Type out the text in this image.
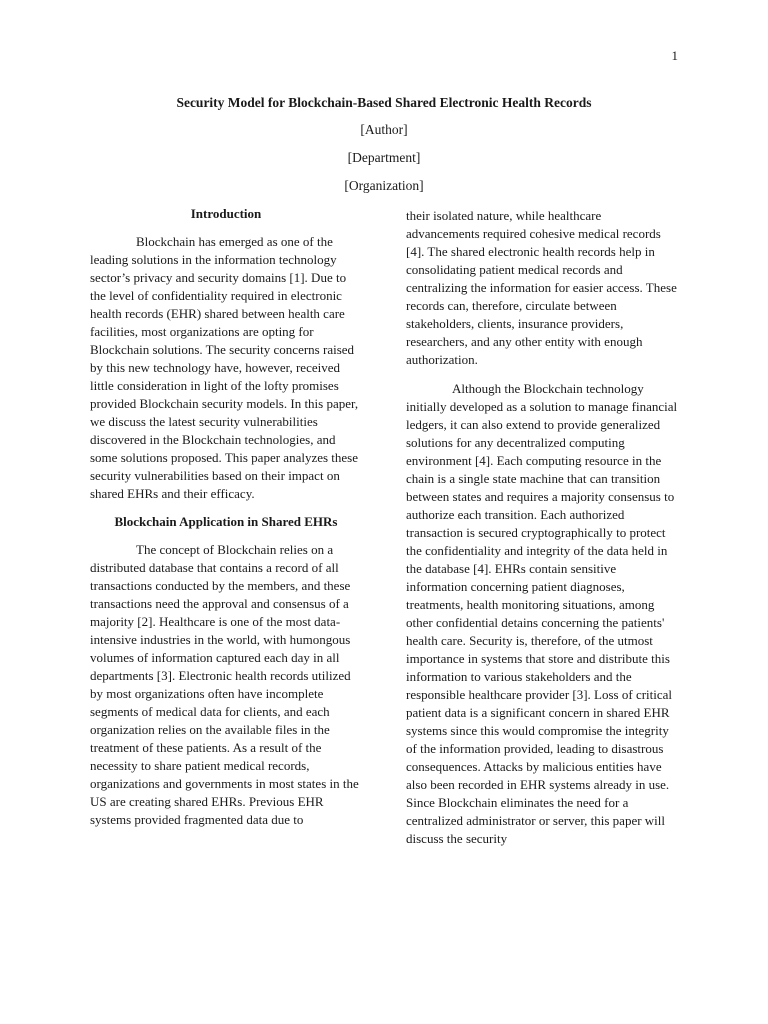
1
Security Model for Blockchain-Based Shared Electronic Health Records
[Author]
[Department]
[Organization]
Introduction

Blockchain has emerged as one of the leading solutions in the information technology sector’s privacy and security domains [1]. Due to the level of confidentiality required in electronic health records (EHR) shared between health care facilities, most organizations are opting for Blockchain solutions. The security concerns raised by this new technology have, however, received little consideration in light of the lofty promises provided Blockchain security models. In this paper, we discuss the latest security vulnerabilities discovered in the Blockchain technologies, and some solutions proposed. This paper analyzes these security vulnerabilities based on their impact on shared EHRs and their efficacy.

Blockchain Application in Shared EHRs

The concept of Blockchain relies on a distributed database that contains a record of all transactions conducted by the members, and these transactions need the approval and consensus of a majority [2]. Healthcare is one of the most data-intensive industries in the world, with humongous volumes of information captured each day in all departments [3]. Electronic health records utilized by most organizations often have incomplete segments of medical data for clients, and each organization relies on the available files in the treatment of these patients. As a result of the necessity to share patient medical records, organizations and governments in most states in the US are creating shared EHRs. Previous EHR systems provided fragmented data due to

their isolated nature, while healthcare advancements required cohesive medical records [4]. The shared electronic health records help in consolidating patient medical records and centralizing the information for easier access. These records can, therefore, circulate between stakeholders, clients, insurance providers, researchers, and any other entity with enough authorization.

Although the Blockchain technology initially developed as a solution to manage financial ledgers, it can also extend to provide generalized solutions for any decentralized computing environment [4]. Each computing resource in the chain is a single state machine that can transition between states and requires a majority consensus to authorize each transition. Each authorized transaction is secured cryptographically to protect the confidentiality and integrity of the data held in the database [4]. EHRs contain sensitive information concerning patient diagnoses, treatments, health monitoring situations, among other confidential detains concerning the patients' health care. Security is, therefore, of the utmost importance in systems that store and distribute this information to various stakeholders and the responsible healthcare provider [3]. Loss of critical patient data is a significant concern in shared EHR systems since this would compromise the integrity of the information provided, leading to disastrous consequences. Attacks by malicious entities have also been recorded in EHR systems already in use. Since Blockchain eliminates the need for a centralized administrator or server, this paper will discuss the security
